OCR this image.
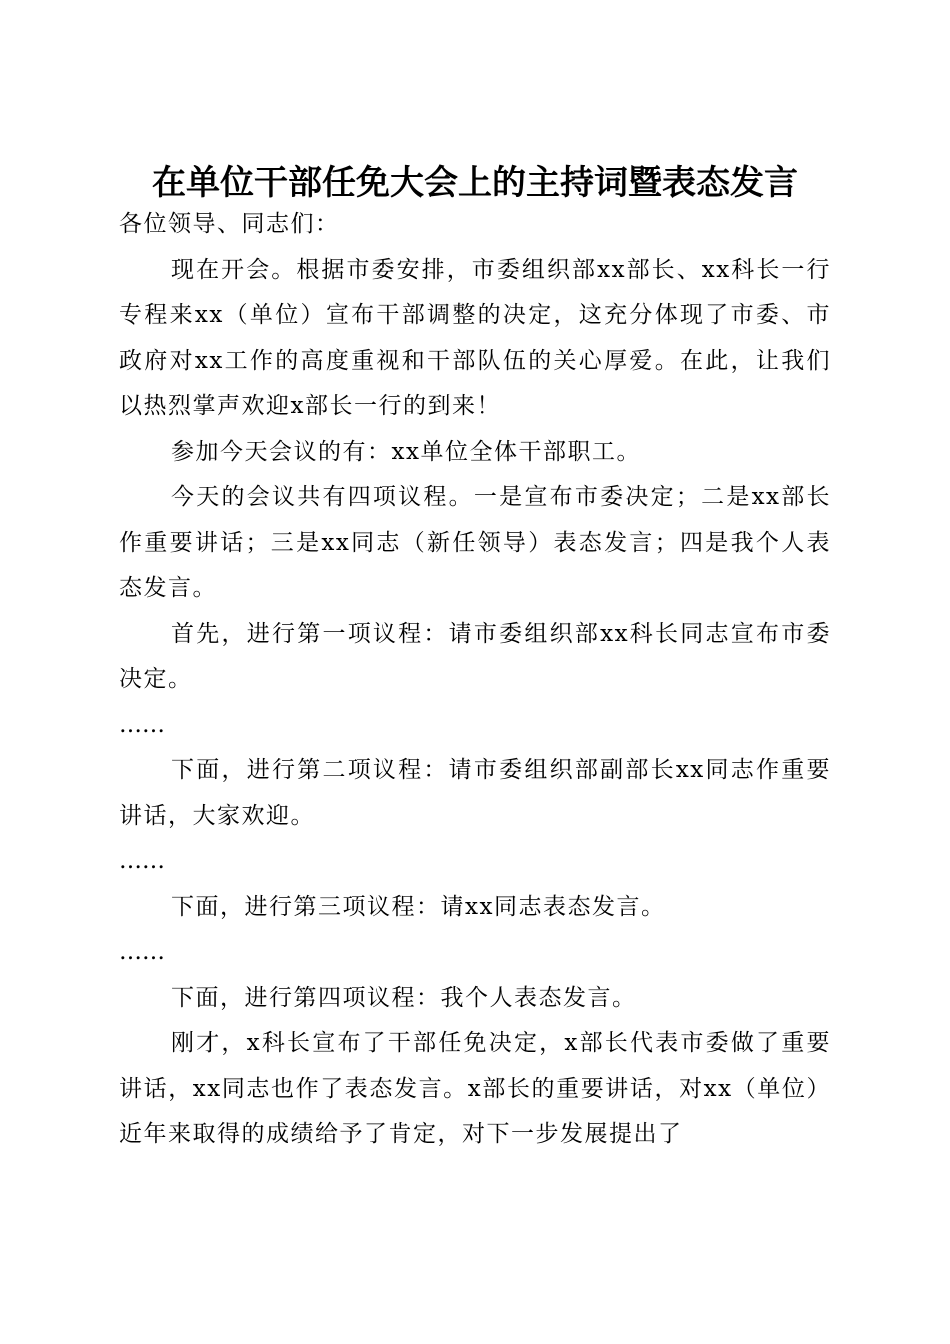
在单位干部任免大会上的主持词暨表态发言

各位领导、同志们：

现在开会。根据市委安排，市委组织部xx部长、xx科长一行专程来xx（单位）宣布干部调整的决定，这充分体现了市委、市政府对xx工作的高度重视和干部队伍的关心厚爱。在此，让我们以热烈掌声欢迎x部长一行的到来！

参加今天会议的有：xx单位全体干部职工。

今天的会议共有四项议程。一是宣布市委决定；二是xx部长作重要讲话；三是xx同志（新任领导）表态发言；四是我个人表态发言。

首先，进行第一项议程：请市委组织部xx科长同志宣布市委决定。

……

下面，进行第二项议程：请市委组织部副部长xx同志作重要讲话，大家欢迎。

……

下面，进行第三项议程：请xx同志表态发言。

……

下面，进行第四项议程：我个人表态发言。

刚才，x科长宣布了干部任免决定，x部长代表市委做了重要讲话，xx同志也作了表态发言。x部长的重要讲话，对xx（单位）近年来取得的成绩给予了肯定，对下一步发展提出了
